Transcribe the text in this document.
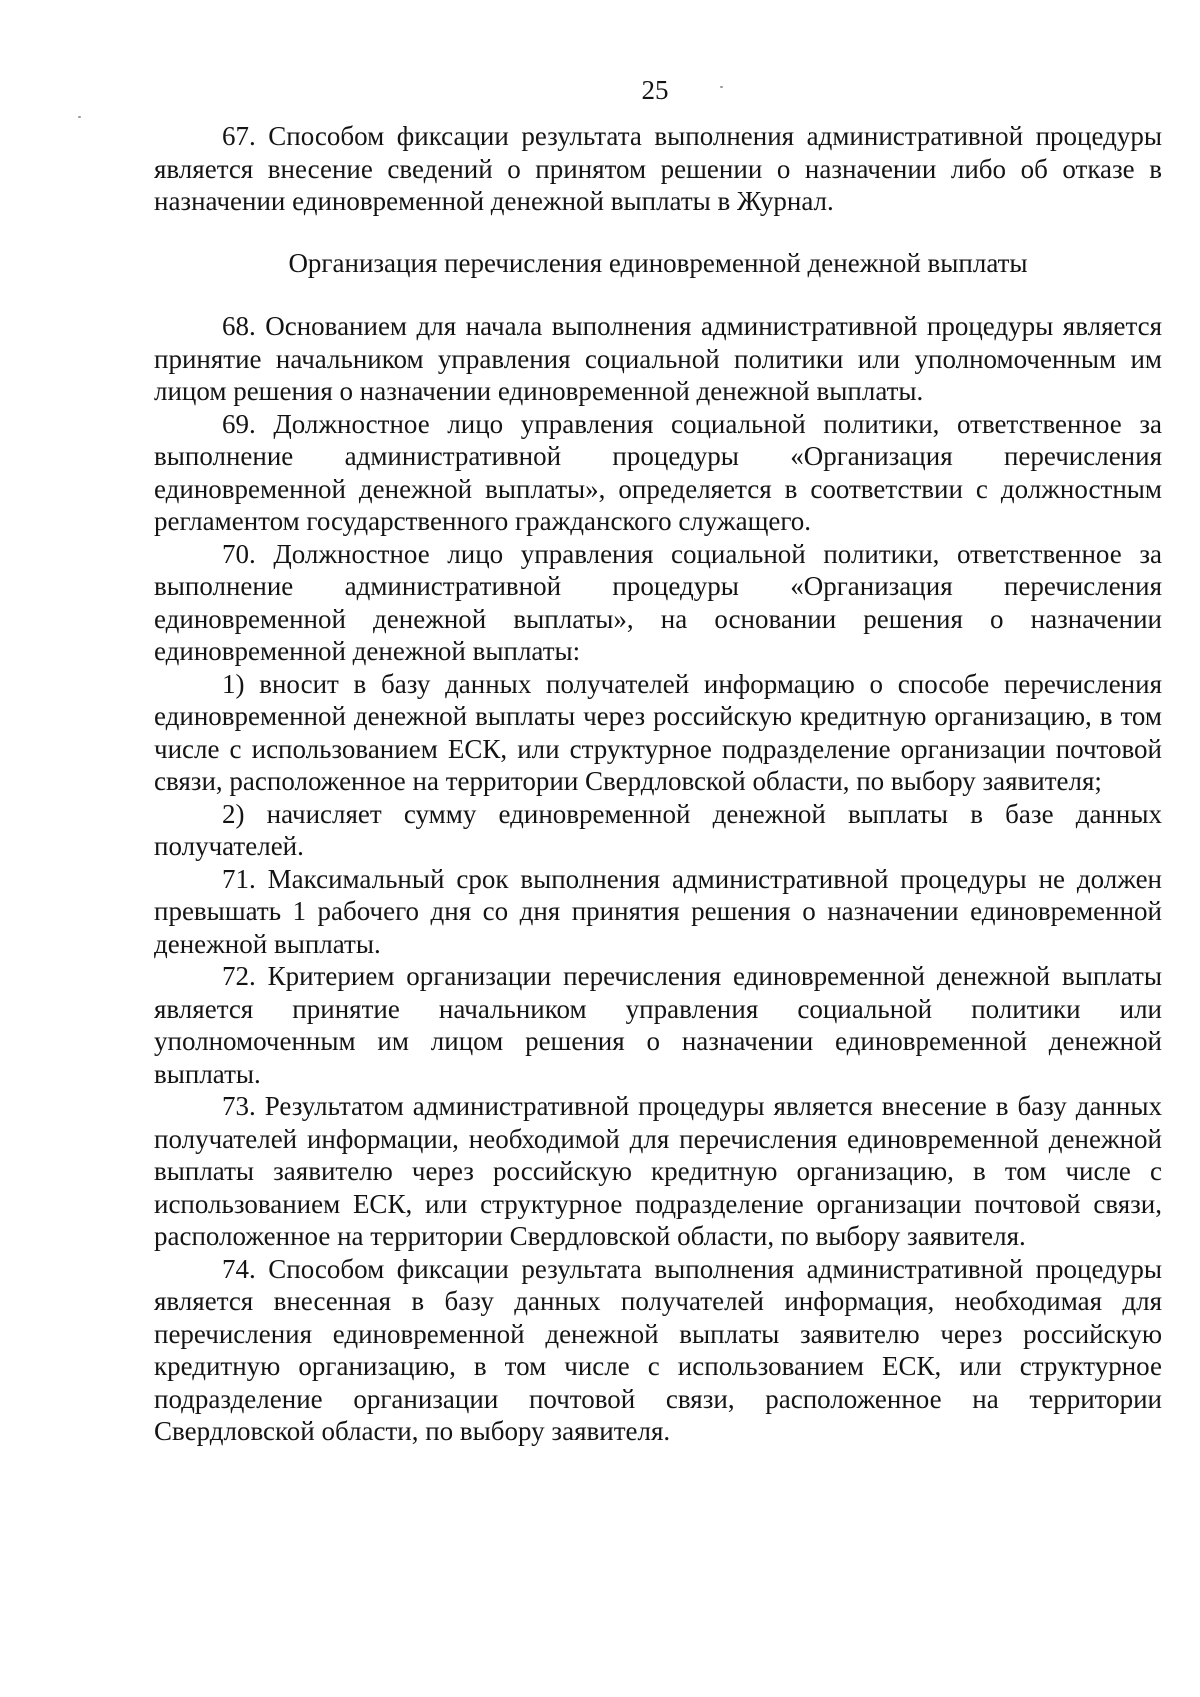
25

67. Способом фиксации результата выполнения административной процедуры является внесение сведений о принятом решении о назначении либо об отказе в назначении единовременной денежной выплаты в Журнал.

Организация перечисления единовременной денежной выплаты

68. Основанием для начала выполнения административной процедуры является принятие начальником управления социальной политики или уполномоченным им лицом решения о назначении единовременной денежной выплаты.

69. Должностное лицо управления социальной политики, ответственное за выполнение административной процедуры «Организация перечисления единовременной денежной выплаты», определяется в соответствии с должностным регламентом государственного гражданского служащего.

70. Должностное лицо управления социальной политики, ответственное за выполнение административной процедуры «Организация перечисления единовременной денежной выплаты», на основании решения о назначении единовременной денежной выплаты:

1) вносит в базу данных получателей информацию о способе перечисления единовременной денежной выплаты через российскую кредитную организацию, в том числе с использованием ЕСК, или структурное подразделение организации почтовой связи, расположенное на территории Свердловской области, по выбору заявителя;

2) начисляет сумму единовременной денежной выплаты в базе данных получателей.

71. Максимальный срок выполнения административной процедуры не должен превышать 1 рабочего дня со дня принятия решения о назначении единовременной денежной выплаты.

72. Критерием организации перечисления единовременной денежной выплаты является принятие начальником управления социальной политики или уполномоченным им лицом решения о назначении единовременной денежной выплаты.

73. Результатом административной процедуры является внесение в базу данных получателей информации, необходимой для перечисления единовременной денежной выплаты заявителю через российскую кредитную организацию, в том числе с использованием ЕСК, или структурное подразделение организации почтовой связи, расположенное на территории Свердловской области, по выбору заявителя.

74. Способом фиксации результата выполнения административной процедуры является внесенная в базу данных получателей информация, необходимая для перечисления единовременной денежной выплаты заявителю через российскую кредитную организацию, в том числе с использованием ЕСК, или структурное подразделение организации почтовой связи, расположенное на территории Свердловской области, по выбору заявителя.
